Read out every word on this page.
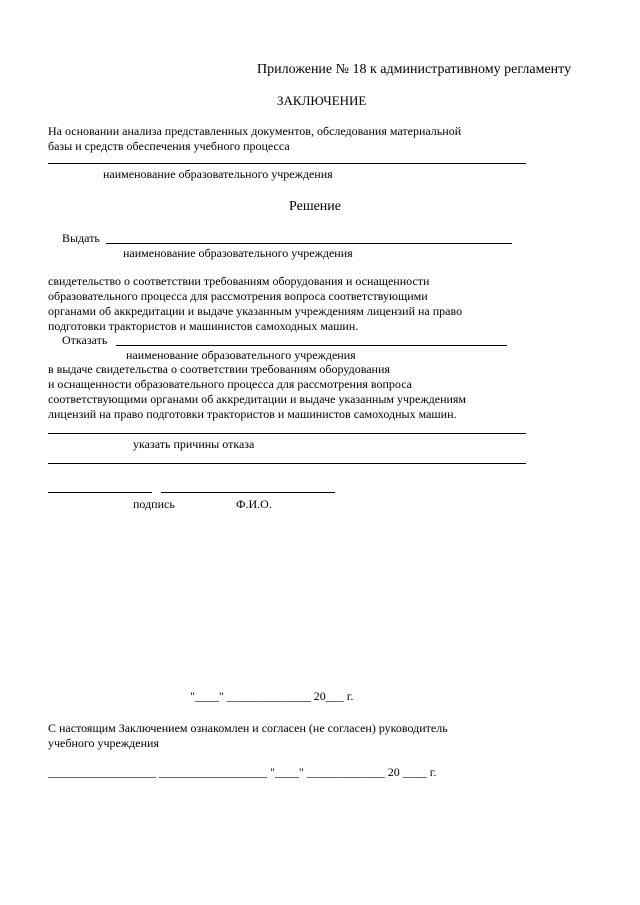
Приложение № 18 к административному регламенту
ЗАКЛЮЧЕНИЕ
На основании анализа представленных документов, обследования материальной
базы и средств обеспечения учебного процесса
наименование образовательного учреждения
Решение
Выдать
наименование образовательного учреждения
свидетельство о соответствии требованиям оборудования и оснащенности
образовательного процесса для рассмотрения вопроса соответствующими
органами об аккредитации и выдаче указанным учреждениям лицензий на право
подготовки трактористов и машинистов самоходных машин.
Отказать
наименование образовательного учреждения
в выдаче свидетельства о соответствии требованиям оборудования
и оснащенности образовательного процесса для рассмотрения вопроса
соответствующими органами об аккредитации и выдаче указанным учреждениям
лицензий на право подготовки трактористов и машинистов самоходных машин.
указать причины отказа
подпись	Ф.И.О.
"____" ______________ 20___ г.
С настоящим Заключением ознакомлен и согласен (не согласен) руководитель
учебного учреждения
__________________ __________________ "____" _____________ 20 ____ г.
